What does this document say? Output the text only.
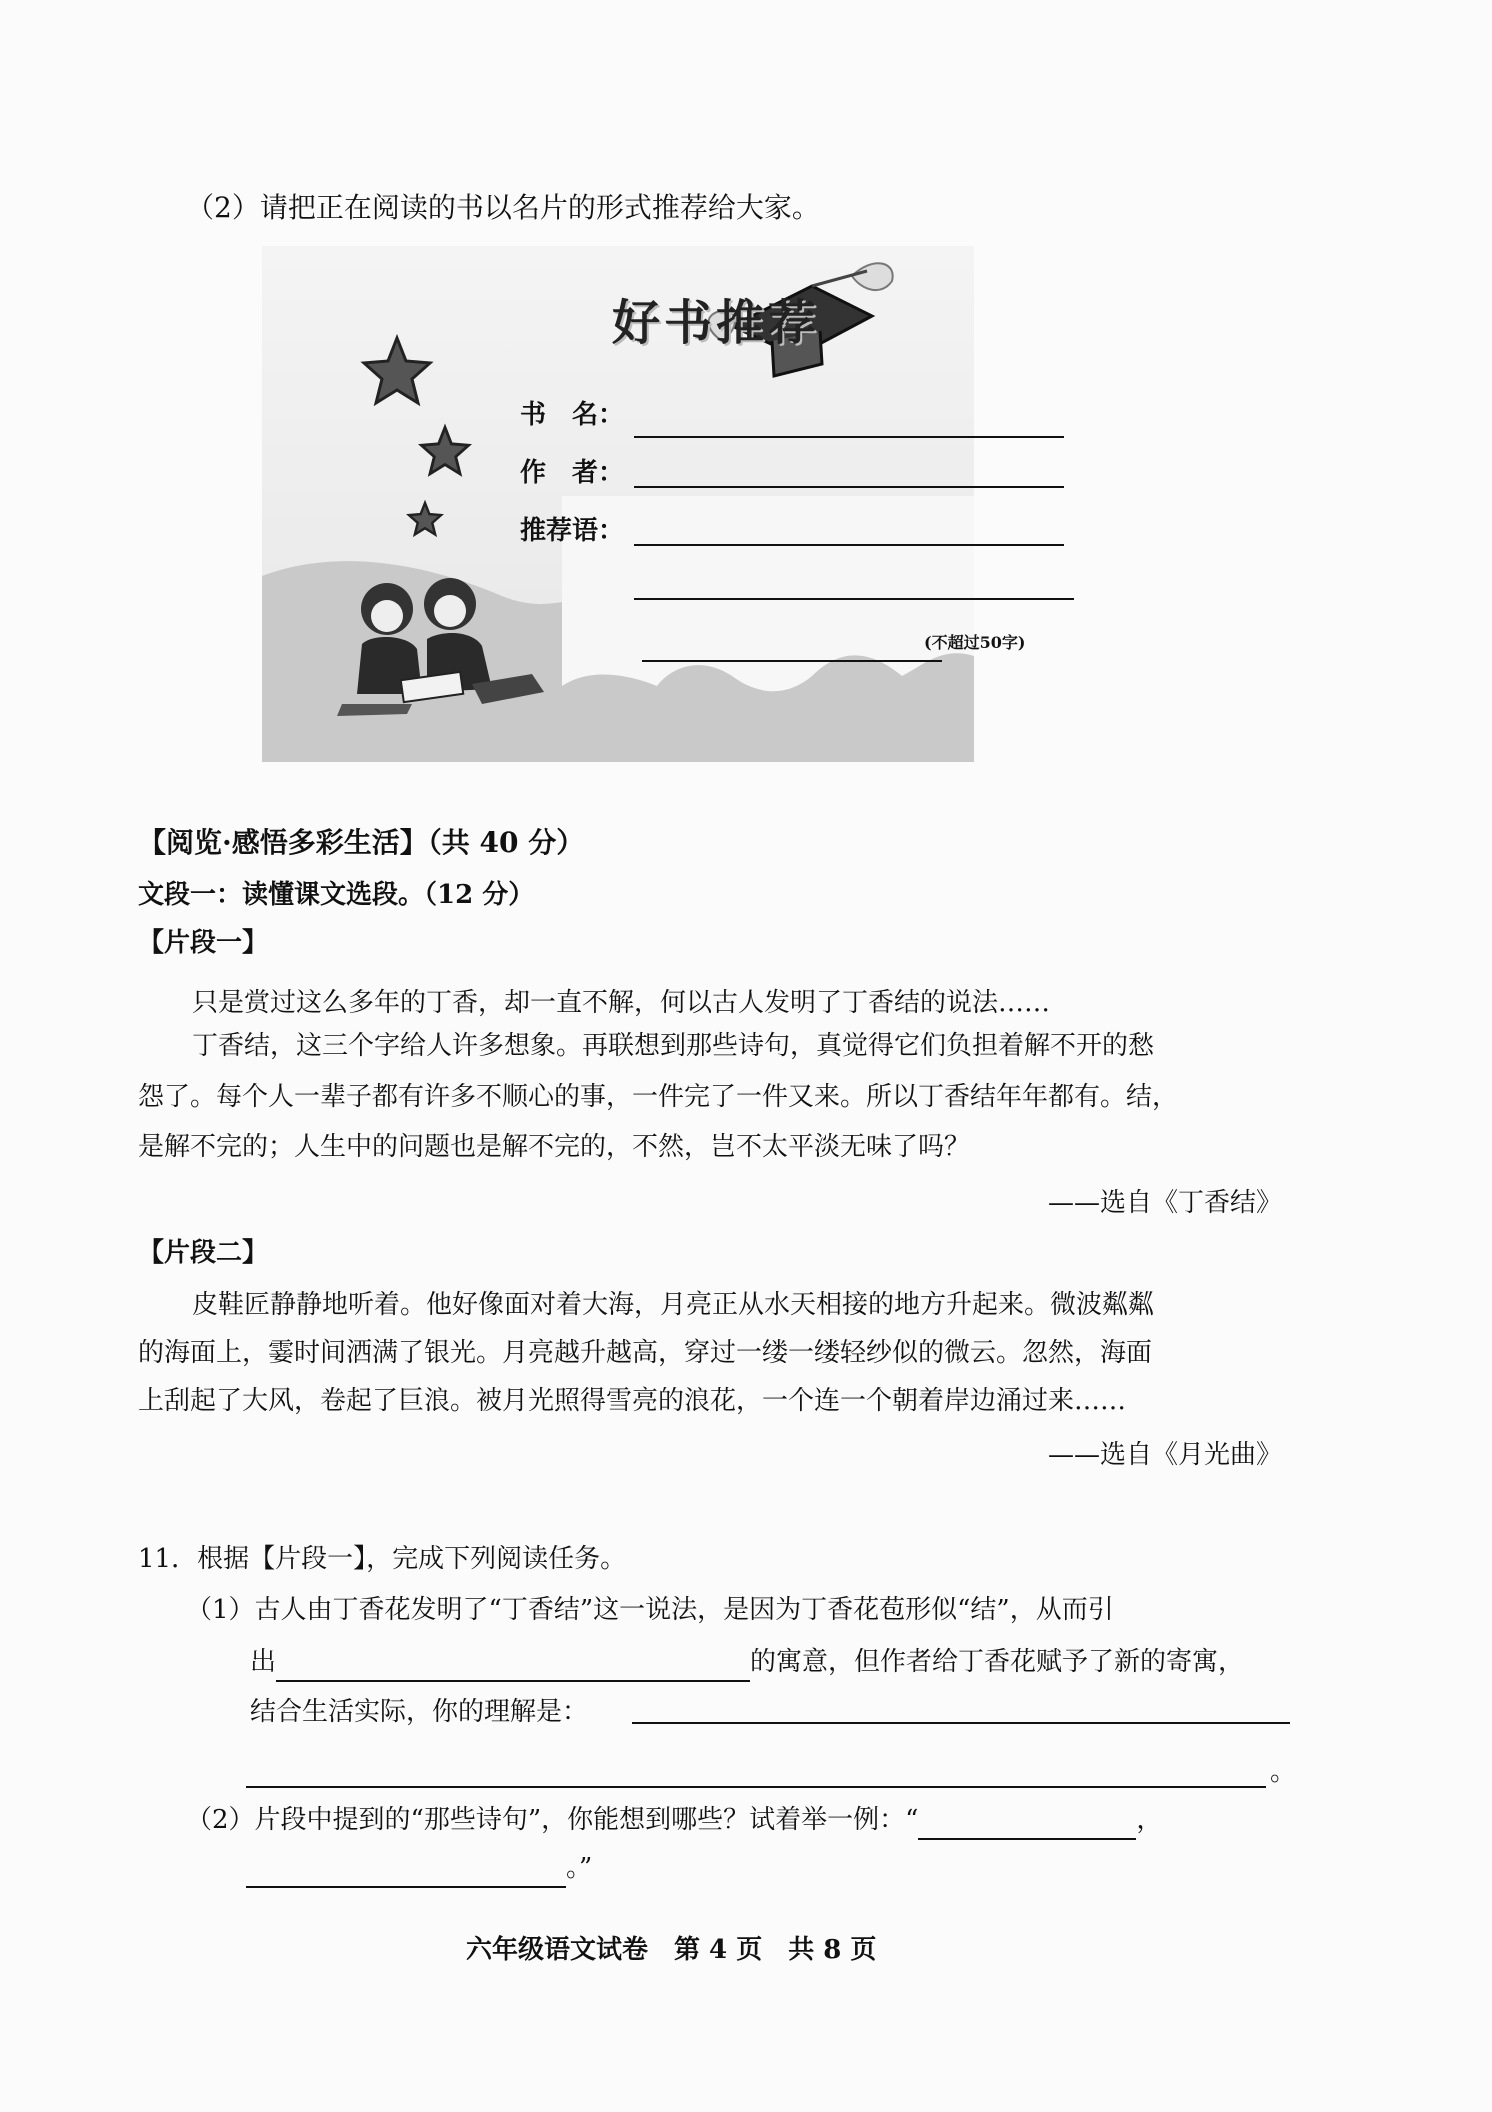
（2）请把正在阅读的书以名片的形式推荐给大家。
书　名：
作　者：
推荐语：
(不超过50字)
【阅览·感悟多彩生活】（共 40 分）
文段一：读懂课文选段。（12 分）
【片段一】
只是赏过这么多年的丁香，却一直不解，何以古人发明了丁香结的说法……
丁香结，这三个字给人许多想象。再联想到那些诗句，真觉得它们负担着解不开的愁
怨了。每个人一辈子都有许多不顺心的事，一件完了一件又来。所以丁香结年年都有。结，
是解不完的；人生中的问题也是解不完的，不然，岂不太平淡无味了吗？
——选自《丁香结》
【片段二】
皮鞋匠静静地听着。他好像面对着大海，月亮正从水天相接的地方升起来。微波粼粼
的海面上，霎时间洒满了银光。月亮越升越高，穿过一缕一缕轻纱似的微云。忽然，海面
上刮起了大风，卷起了巨浪。被月光照得雪亮的浪花，一个连一个朝着岸边涌过来……
——选自《月光曲》
11．根据【片段一】，完成下列阅读任务。
（1）古人由丁香花发明了“丁香结”这一说法，是因为丁香花苞形似“结”，从而引
出	的寓意，但作者给丁香花赋予了新的寄寓，
结合生活实际，你的理解是：
。
（2）片段中提到的“那些诗句”，你能想到哪些？试着举一例：“	，
。”
六年级语文试卷　第 4 页　共 8 页
